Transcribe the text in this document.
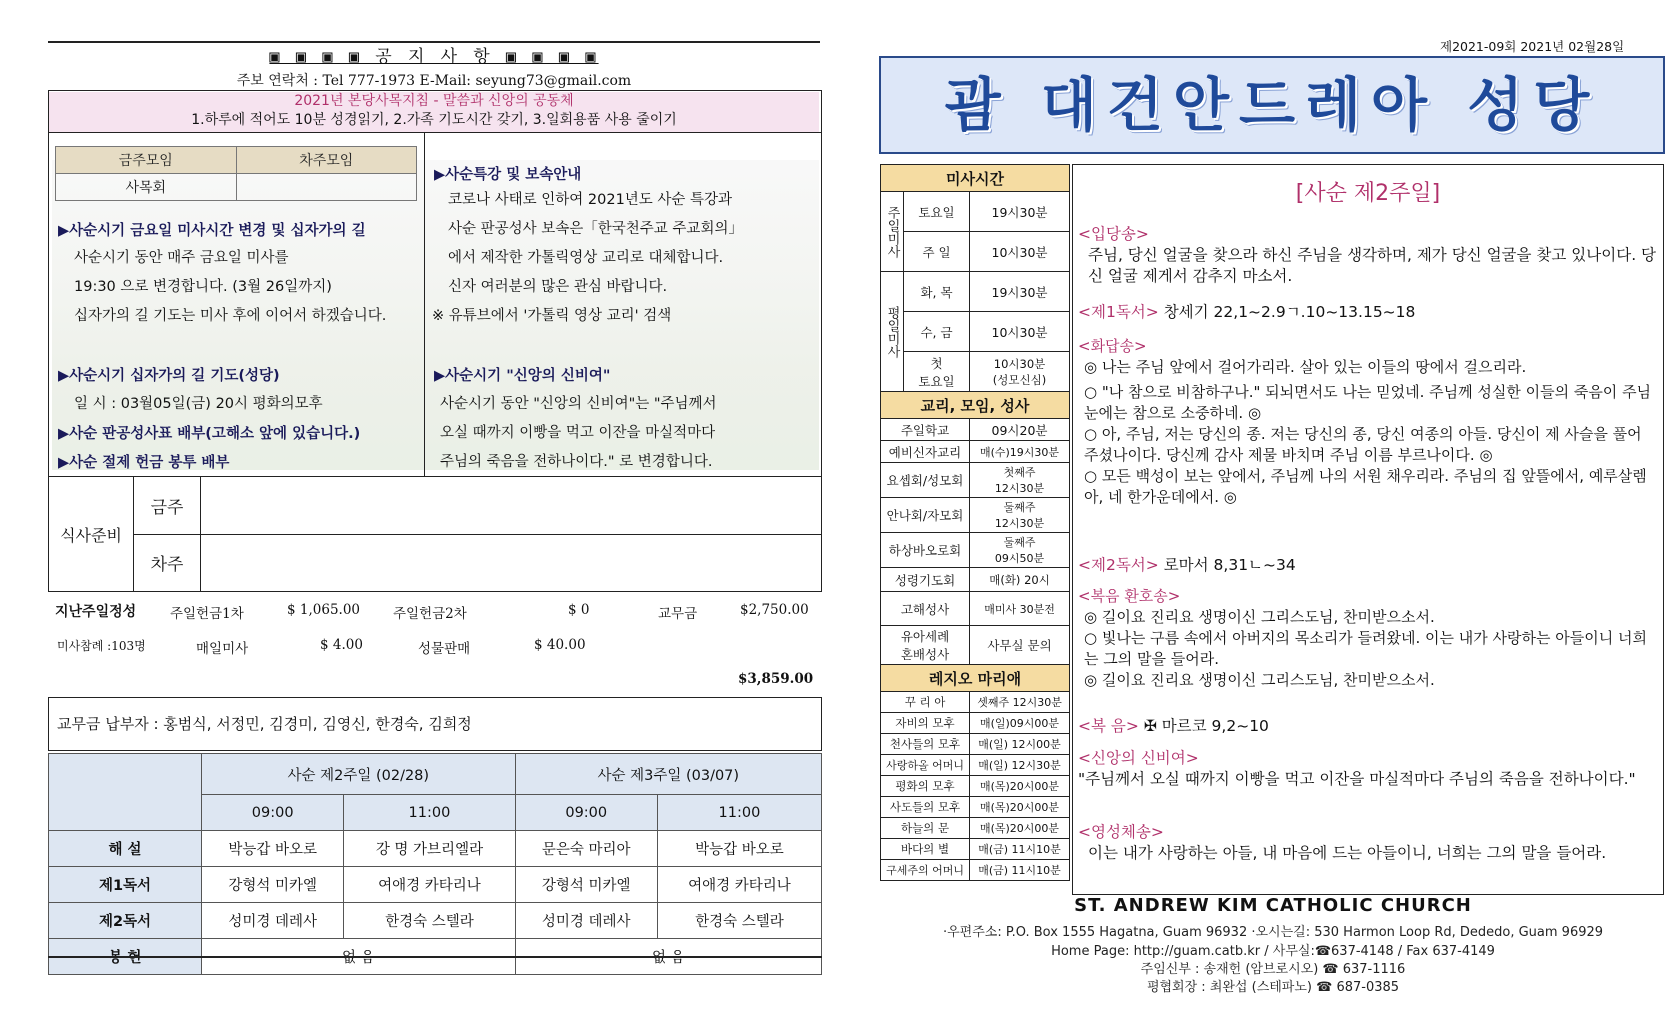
▣ ▣ ▣ ▣ 공 지 사 항 ▣ ▣ ▣ ▣
주보 연락처 : Tel 777-1973 E-Mail: seyung73@gmail.com
2021년 본당사목지침 - 말씀과 신앙의 공동체
1.하루에 적어도 10분 성경읽기, 2.가족 기도시간 갖기, 3.일회용품 사용 줄이기
금주모임	차주모임
사목회	
▶사순시기 금요일 미사시간 변경 및 십자가의 길
사순시기 동안 매주 금요일 미사를
19:30 으로 변경합니다. (3월 26일까지)
십자가의 길 기도는 미사 후에 이어서 하겠습니다.
▶사순시기 십자가의 길 기도(성당)
일 시 : 03월05일(금) 20시 평화의모후
▶사순 판공성사표 배부(고해소 앞에 있습니다.)
▶사순 절제 헌금 봉투 배부
▶사순특강 및 보속안내
코로나 사태로 인하여 2021년도 사순 특강과
사순 판공성사 보속은「한국천주교 주교회의」
에서 제작한 가톨릭영상 교리로 대체합니다.
신자 여러분의 많은 관심 바랍니다.
※ 유튜브에서 '가톨릭 영상 교리' 검색
▶사순시기 "신앙의 신비여"
사순시기 동안 "신앙의 신비여"는 "주님께서
오실 때까지 이빵을 먹고 이잔을 마실적마다
주님의 죽음을 전하나이다." 로 변경합니다.
식사준비	금주	
	차주	
지난주일정성	주일헌금1차	$ 1,065.00 주일헌금2차	$ 0	교무금	$2,750.00
미사참례 :103명	매일미사	$ 4.00	성물판매	$ 40.00
$3,859.00
교무금 납부자 : 홍범식, 서정민, 김경미, 김영신, 한경숙, 김희정
	사순 제2주일 (02/28)		사순 제3주일 (03/07)	
	09:00	11:00	09:00	11:00
해 설	박능갑 바오로	강 명 가브리엘라	문은숙 마리아	박능갑 바오로
제1독서	강형석 미카엘	여애경 카타리나	강형석 미카엘	여애경 카타리나
제2독서	성미경 데레사	한경숙 스텔라	성미경 데레사	한경숙 스텔라
봉 헌	없 음		없 음	
제2021-09회 2021년 02월28일
괌 대건안드레아 성당
미사시간		
주일미사	토요일	19시30분
	주 일	10시30분
평일미사	화, 목	19시30분
	수, 금	10시30분
	첫
토요일	10시30분
(성모신심)
교리, 모임, 성사		
주일학교		09시20분
예비신자교리		매(수)19시30분
요셉회/성모회		첫째주
12시30분
안나회/자모회		둘째주
12시30분
하상바오로회		둘째주
09시50분
성령기도회		매(화) 20시
고해성사		매미사 30분전
유아세례
혼배성사		사무실 문의
레지오 마리애		
꾸 리 아		셋째주 12시30분
자비의 모후		매(일)09시00분
천사들의 모후		매(일) 12시00분
사랑하올 어머니		매(일) 12시30분
평화의 모후		매(목)20시00분
사도들의 모후		매(목)20시00분
하늘의 문		매(목)20시00분
바다의 별		매(금) 11시10분
구세주의 어머니		매(금) 11시10분
[사순 제2주일]
<입당송>
주님, 당신 얼굴을 찾으라 하신 주님을 생각하며, 제가 당신 얼굴을 찾고 있나이다. 당신 얼굴 제게서 감추지 마소서.
<제1독서> 창세기 22,1~2.9ㄱ.10~13.15~18
<화답송>
◎ 나는 주님 앞에서 걸어가리라. 살아 있는 이들의 땅에서 걸으리라.
○ "나 참으로 비참하구나." 되뇌면서도 나는 믿었네. 주님께 성실한 이들의 죽음이 주님 눈에는 참으로 소중하네. ◎
○ 아, 주님, 저는 당신의 종. 저는 당신의 종, 당신 여종의 아들. 당신이 제 사슬을 풀어 주셨나이다. 당신께 감사 제물 바치며 주님 이름 부르나이다. ◎
○ 모든 백성이 보는 앞에서, 주님께 나의 서원 채우리라. 주님의 집 앞뜰에서, 예루살렘아, 네 한가운데에서. ◎
<제2독서> 로마서 8,31ㄴ~34
<복음 환호송>
◎ 길이요 진리요 생명이신 그리스도님, 찬미받으소서.
○ 빛나는 구름 속에서 아버지의 목소리가 들려왔네. 이는 내가 사랑하는 아들이니 너희는 그의 말을 들어라.
◎ 길이요 진리요 생명이신 그리스도님, 찬미받으소서.
<복 음> ✠ 마르코 9,2~10
<신앙의 신비여>
"주님께서 오실 때까지 이빵을 먹고 이잔을 마실적마다 주님의 죽음을 전하나이다."
<영성체송>
이는 내가 사랑하는 아들, 내 마음에 드는 아들이니, 너희는 그의 말을 들어라.
ST. ANDREW KIM CATHOLIC CHURCH
·우편주소: P.O. Box 1555 Hagatna, Guam 96932 ·오시는길: 530 Harmon Loop Rd, Dededo, Guam 96929
Home Page: http://guam.catb.kr / 사무실:☎637-4148 / Fax 637-4149
주임신부 : 송재헌 (암브로시오) ☎ 637-1116
평협회장 : 최완섭 (스테파노) ☎ 687-0385
